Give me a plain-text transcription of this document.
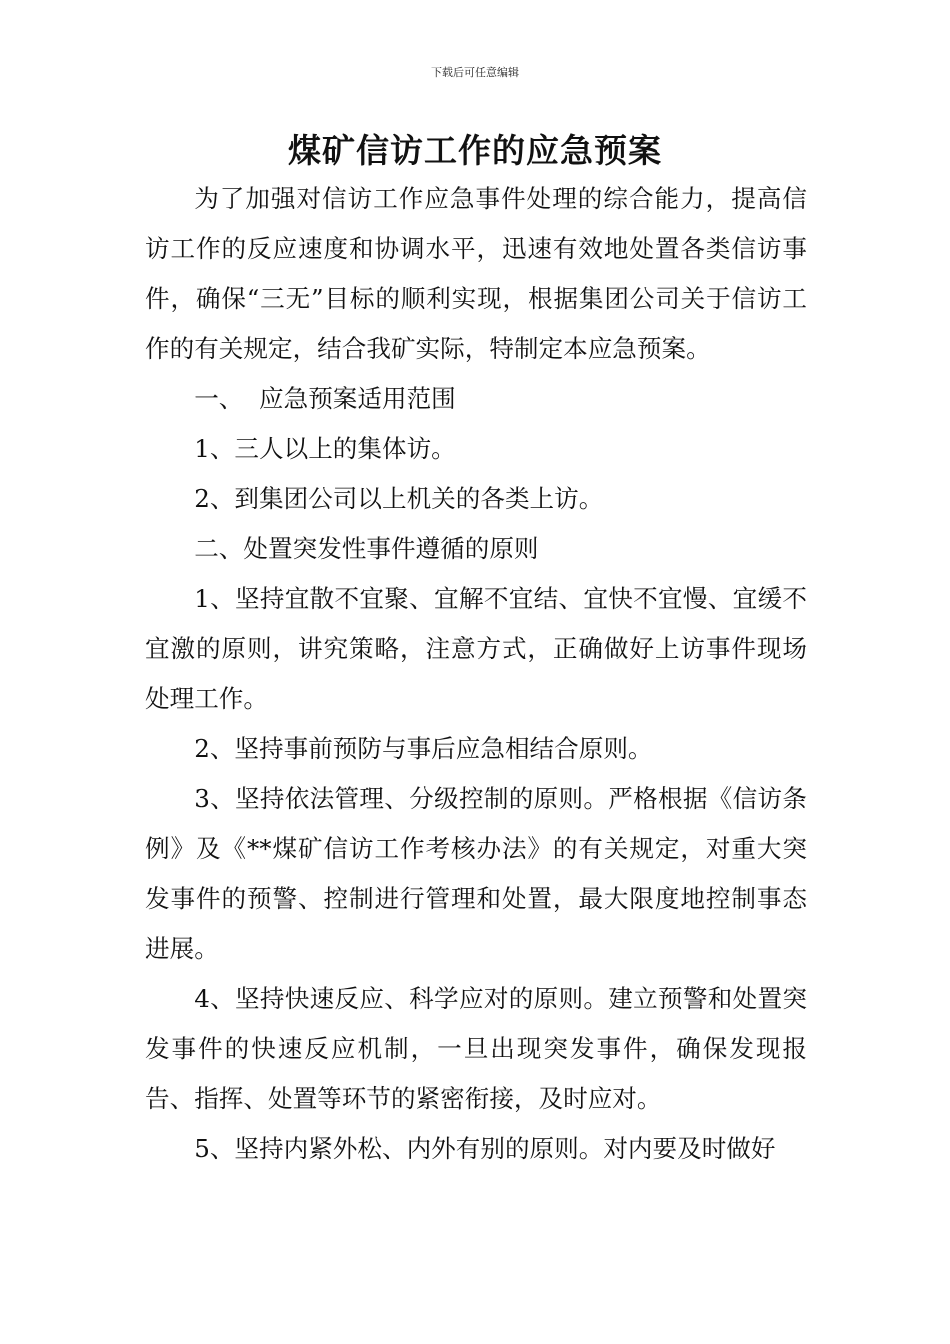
下载后可任意编辑
煤矿信访工作的应急预案

为了加强对信访工作应急事件处理的综合能力，提高信访工作的反应速度和协调水平，迅速有效地处置各类信访事件，确保“三无”目标的顺利实现，根据集团公司关于信访工作的有关规定，结合我矿实际，特制定本应急预案。

一、  应急预案适用范围

1、三人以上的集体访。

2、到集团公司以上机关的各类上访。

二、处置突发性事件遵循的原则

1、坚持宜散不宜聚、宜解不宜结、宜快不宜慢、宜缓不宜激的原则，讲究策略，注意方式，正确做好上访事件现场处理工作。

2、坚持事前预防与事后应急相结合原则。

3、坚持依法管理、分级控制的原则。严格根据《信访条例》及《**煤矿信访工作考核办法》的有关规定，对重大突发事件的预警、控制进行管理和处置，最大限度地控制事态进展。

4、坚持快速反应、科学应对的原则。建立预警和处置突发事件的快速反应机制，一旦出现突发事件，确保发现报告、指挥、处置等环节的紧密衔接，及时应对。

5、坚持内紧外松、内外有别的原则。对内要及时做好
